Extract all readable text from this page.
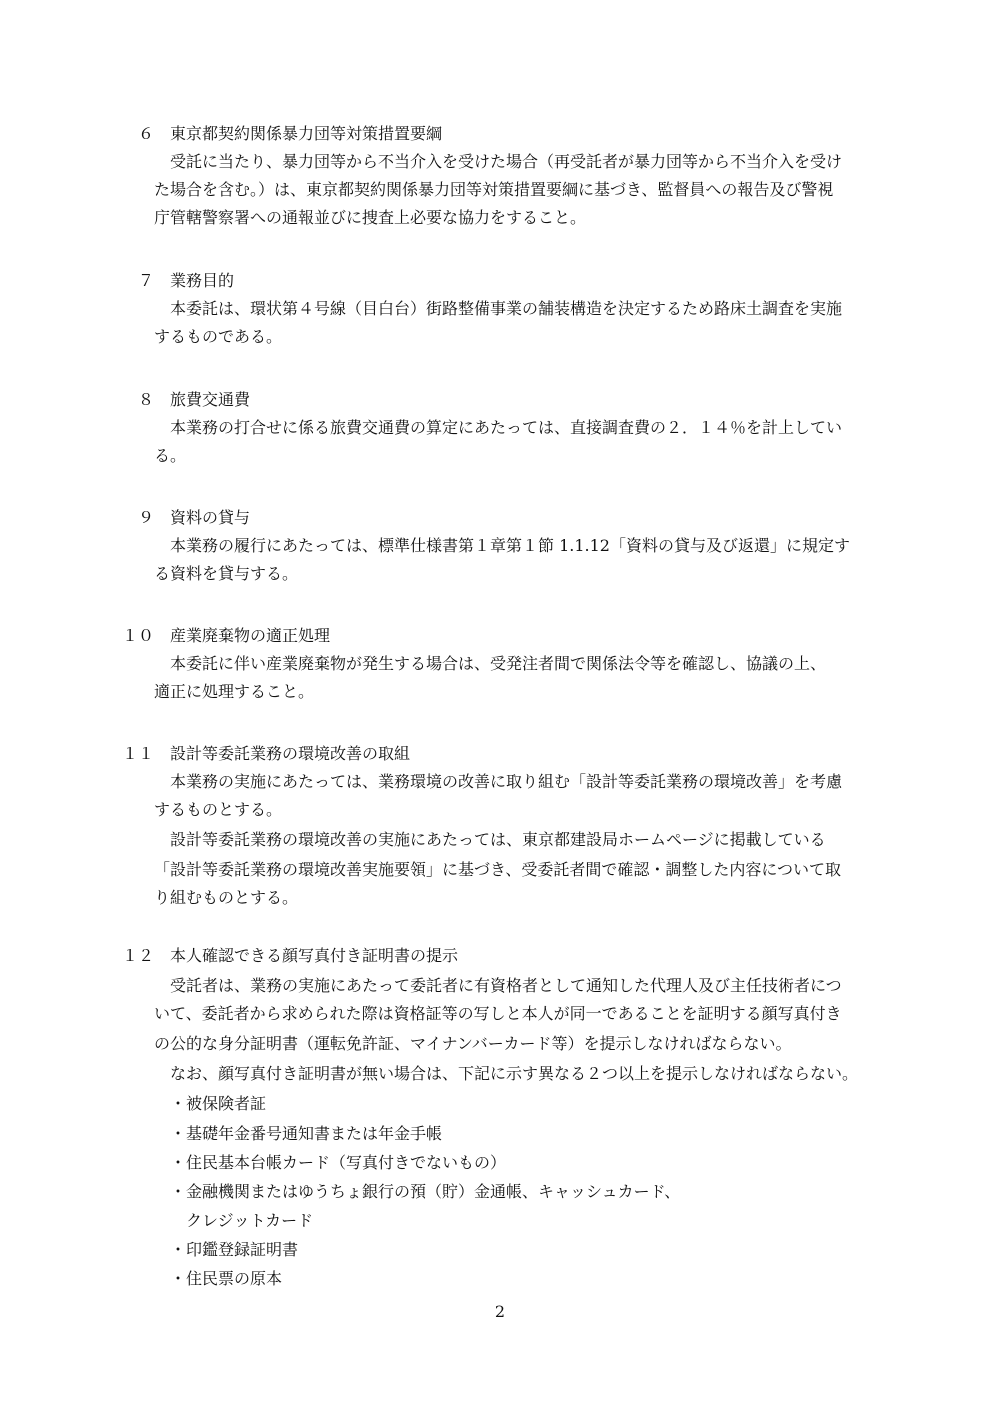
６　東京都契約関係暴力団等対策措置要綱
受託に当たり、暴力団等から不当介入を受けた場合（再受託者が暴力団等から不当介入を受け
た場合を含む。）は、東京都契約関係暴力団等対策措置要綱に基づき、監督員への報告及び警視
庁管轄警察署への通報並びに捜査上必要な協力をすること。
７　業務目的
本委託は、環状第４号線（目白台）街路整備事業の舗装構造を決定するため路床土調査を実施
するものである。
８　旅費交通費
本業務の打合せに係る旅費交通費の算定にあたっては、直接調査費の２．１４％を計上してい
る。
９　資料の貸与
本業務の履行にあたっては、標準仕様書第１章第１節 1.1.12「資料の貸与及び返還」に規定す
る資料を貸与する。
１０　産業廃棄物の適正処理
本委託に伴い産業廃棄物が発生する場合は、受発注者間で関係法令等を確認し、協議の上、
適正に処理すること。
１１　設計等委託業務の環境改善の取組
本業務の実施にあたっては、業務環境の改善に取り組む「設計等委託業務の環境改善」を考慮
するものとする。
設計等委託業務の環境改善の実施にあたっては、東京都建設局ホームページに掲載している
「設計等委託業務の環境改善実施要領」に基づき、受委託者間で確認・調整した内容について取
り組むものとする。
１２　本人確認できる顔写真付き証明書の提示
受託者は、業務の実施にあたって委託者に有資格者として通知した代理人及び主任技術者につ
いて、委託者から求められた際は資格証等の写しと本人が同一であることを証明する顔写真付き
の公的な身分証明書（運転免許証、マイナンバーカード等）を提示しなければならない。
なお、顔写真付き証明書が無い場合は、下記に示す異なる２つ以上を提示しなければならない。
・被保険者証
・基礎年金番号通知書または年金手帳
・住民基本台帳カード（写真付きでないもの）
・金融機関またはゆうちょ銀行の預（貯）金通帳、キャッシュカード、
クレジットカード
・印鑑登録証明書
・住民票の原本
2
